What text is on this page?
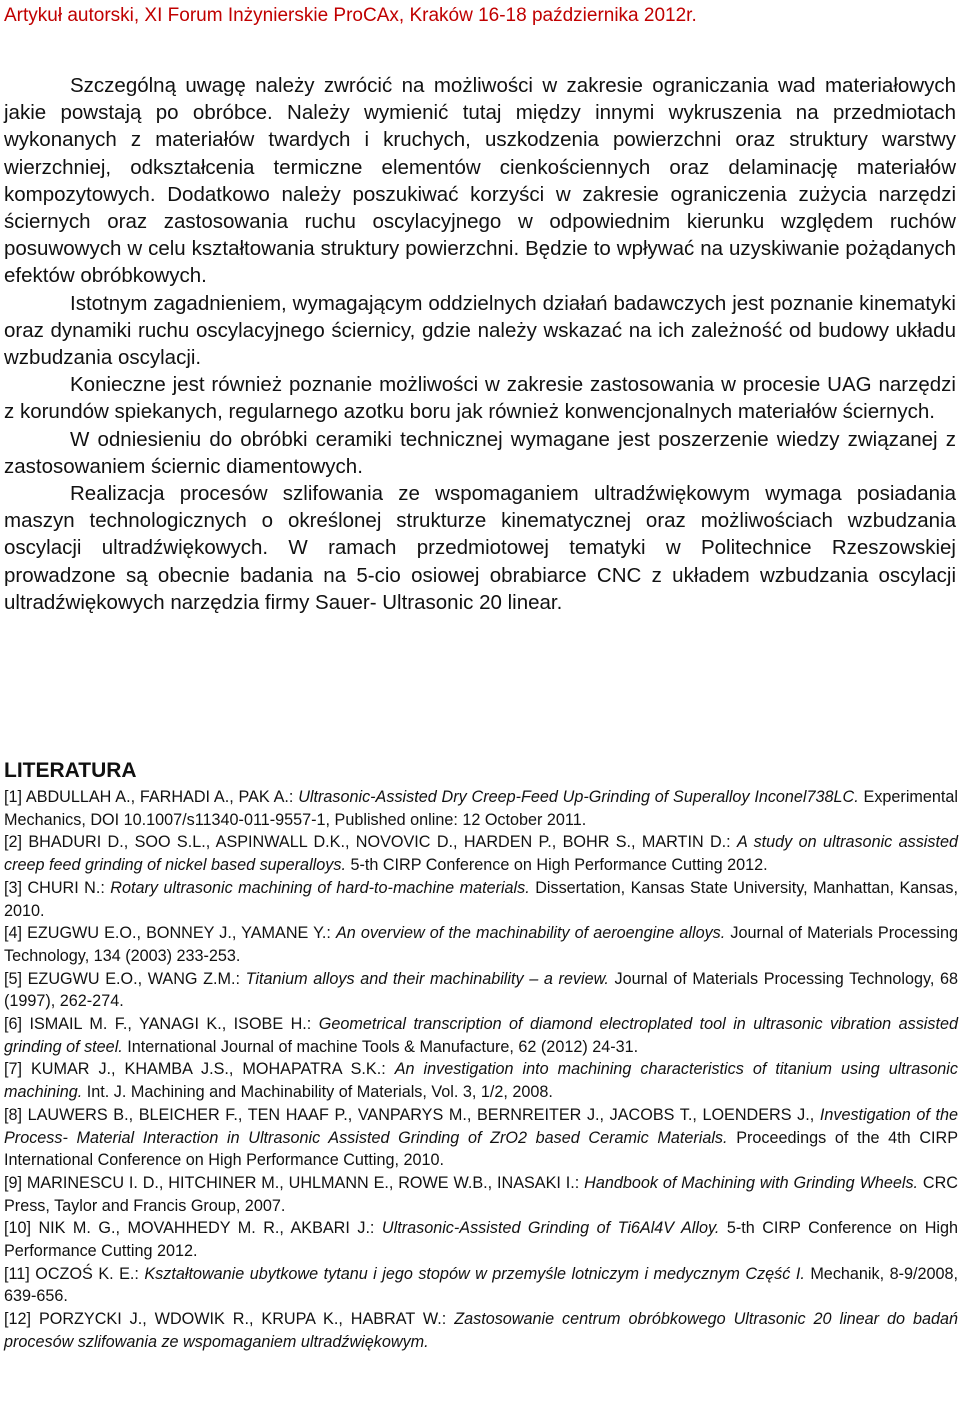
Artykuł autorski, XI Forum Inżynierskie ProCAx, Kraków 16-18 października 2012r.

Szczególną uwagę należy zwrócić na możliwości w zakresie ograniczania wad materiałowych jakie powstają po obróbce. Należy wymienić tutaj między innymi wykruszenia na przedmiotach wykonanych z materiałów twardych i kruchych, uszkodzenia powierzchni oraz struktury warstwy wierzchniej, odkształcenia termiczne elementów cienkościennych oraz delaminację materiałów kompozytowych. Dodatkowo należy poszukiwać korzyści w zakresie ograniczenia zużycia narzędzi ściernych oraz zastosowania ruchu oscylacyjnego w odpowiednim kierunku względem ruchów posuwowych w celu kształtowania struktury powierzchni. Będzie to wpływać na uzyskiwanie pożądanych efektów obróbkowych.

Istotnym zagadnieniem, wymagającym oddzielnych działań badawczych jest poznanie kinematyki oraz dynamiki ruchu oscylacyjnego ściernicy, gdzie należy wskazać na ich zależność od budowy układu wzbudzania oscylacji.

Konieczne jest również poznanie możliwości w zakresie zastosowania w procesie UAG narzędzi z korundów spiekanych, regularnego azotku boru jak również konwencjonalnych materiałów ściernych.

W odniesieniu do obróbki ceramiki technicznej wymagane jest poszerzenie wiedzy związanej z zastosowaniem ściernic diamentowych.

Realizacja procesów szlifowania ze wspomaganiem ultradźwiękowym wymaga posiadania maszyn technologicznych o określonej strukturze kinematycznej oraz możliwościach wzbudzania oscylacji ultradźwiękowych. W ramach przedmiotowej tematyki w Politechnice Rzeszowskiej prowadzone są obecnie badania na 5-cio osiowej obrabiarce CNC z układem wzbudzania oscylacji ultradźwiękowych narzędzia firmy Sauer- Ultrasonic 20 linear.

LITERATURA
[1] ABDULLAH A., FARHADI A., PAK A.: Ultrasonic-Assisted Dry Creep-Feed Up-Grinding of Superalloy Inconel738LC. Experimental Mechanics, DOI 10.1007/s11340-011-9557-1, Published online: 12 October 2011.
[2] BHADURI D., SOO S.L., ASPINWALL D.K., NOVOVIC D., HARDEN P., BOHR S., MARTIN D.: A study on ultrasonic assisted creep feed grinding of nickel based superalloys. 5-th CIRP Conference on High Performance Cutting 2012.
[3] CHURI N.: Rotary ultrasonic machining of hard-to-machine materials. Dissertation, Kansas State University, Manhattan, Kansas, 2010.
[4] EZUGWU E.O., BONNEY J., YAMANE Y.: An overview of the machinability of aeroengine alloys. Journal of Materials Processing Technology, 134 (2003) 233-253.
[5] EZUGWU E.O., WANG Z.M.: Titanium alloys and their machinability – a review. Journal of Materials Processing Technology, 68 (1997), 262-274.
[6] ISMAIL M. F., YANAGI K., ISOBE H.: Geometrical transcription of diamond electroplated tool in ultrasonic vibration assisted grinding of steel. International Journal of machine Tools & Manufacture, 62 (2012) 24-31.
[7] KUMAR J., KHAMBA J.S., MOHAPATRA S.K.: An investigation into machining characteristics of titanium using ultrasonic machining. Int. J. Machining and Machinability of Materials, Vol. 3, 1/2, 2008.
[8] LAUWERS B., BLEICHER F., TEN HAAF P., VANPARYS M., BERNREITER J., JACOBS T., LOENDERS J., Investigation of the Process- Material Interaction in Ultrasonic Assisted Grinding of ZrO2 based Ceramic Materials. Proceedings of the 4th CIRP International Conference on High Performance Cutting, 2010.
[9] MARINESCU I. D., HITCHINER M., UHLMANN E., ROWE W.B., INASAKI I.: Handbook of Machining with Grinding Wheels. CRC Press, Taylor and Francis Group, 2007.
[10] NIK M. G., MOVAHHEDY M. R., AKBARI J.: Ultrasonic-Assisted Grinding of Ti6Al4V Alloy. 5-th CIRP Conference on High Performance Cutting 2012.
[11] OCZOŚ K. E.: Kształtowanie ubytkowe tytanu i jego stopów w przemyśle lotniczym i medycznym Część I. Mechanik, 8-9/2008, 639-656.
[12] PORZYCKI J., WDOWIK R., KRUPA K., HABRAT W.: Zastosowanie centrum obróbkowego Ultrasonic 20 linear do badań procesów szlifowania ze wspomaganiem ultradźwiękowym.
